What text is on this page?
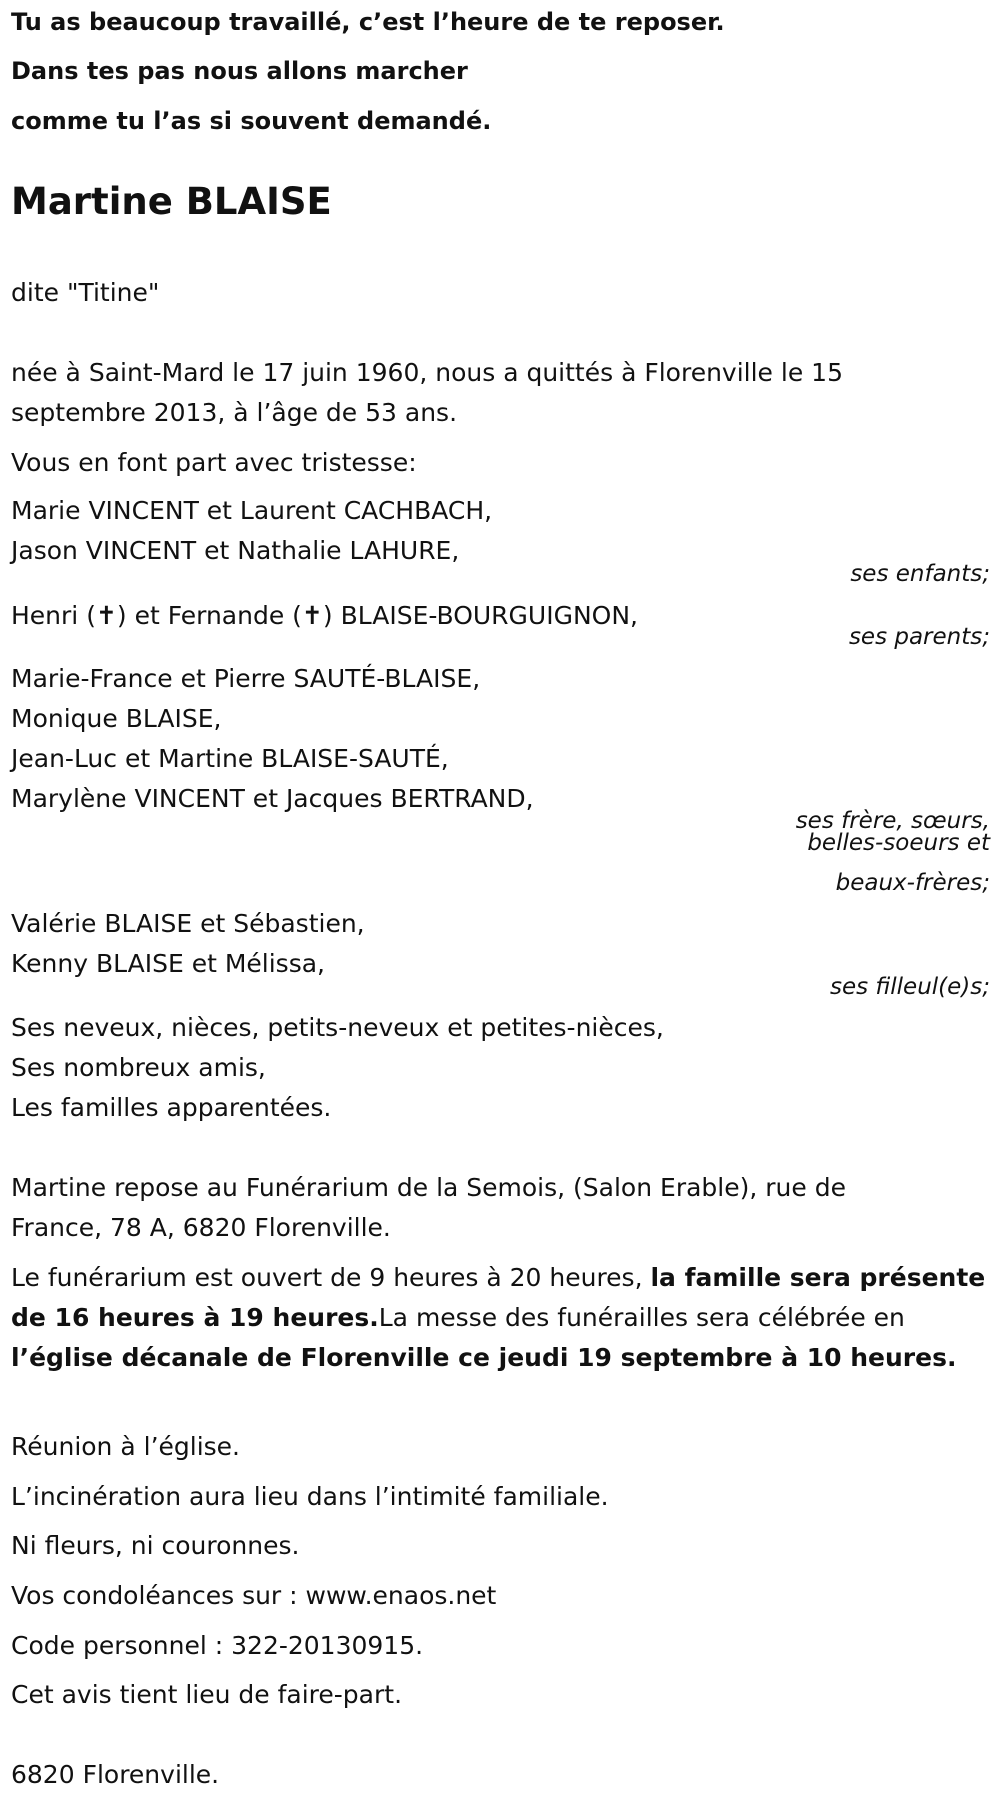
Tu as beaucoup travaillé, c’est l’heure de te reposer.
Dans tes pas nous allons marcher
comme tu l’as si souvent demandé.
Martine BLAISE
dite "Titine"
née à Saint-Mard le 17 juin 1960, nous a quittés à Florenville le 15
septembre 2013, à l’âge de 53 ans.
Vous en font part avec tristesse:
Marie VINCENT et Laurent CACHBACH,
Jason VINCENT et Nathalie LAHURE,
ses enfants;
Henri (✝) et Fernande (✝) BLAISE-BOURGUIGNON,
ses parents;
Marie-France et Pierre SAUTÉ-BLAISE,
Monique BLAISE,
Jean-Luc et Martine BLAISE-SAUTÉ,
Marylène VINCENT et Jacques BERTRAND,
ses frère, sœurs,
belles-soeurs et
beaux-frères;
Valérie BLAISE et Sébastien,
Kenny BLAISE et Mélissa,
ses filleul(e)s;
Ses neveux, nièces, petits-neveux et petites-nièces,
Ses nombreux amis,
Les familles apparentées.
Martine repose au Funérarium de la Semois, (Salon Erable), rue de
France, 78 A, 6820 Florenville.
Le funérarium est ouvert de 9 heures à 20 heures, la famille sera présente de 16 heures à 19 heures.La messe des funérailles sera célébrée en l’église décanale de Florenville ce jeudi 19 septembre à 10 heures.
Réunion à l’église.
L’incinération aura lieu dans l’intimité familiale.
Ni fleurs, ni couronnes.
Vos condoléances sur : www.enaos.net
Code personnel : 322-20130915.
Cet avis tient lieu de faire-part.
6820 Florenville.
